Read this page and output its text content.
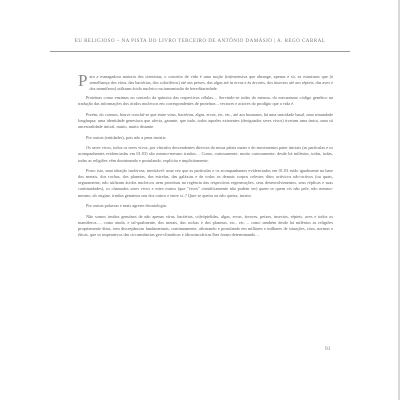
EU RELIGIOSO – NA PISTA DO LIVRO TERCEIRO DE ANTÓNIO DAMÁSIO | A. REGO CABRAL

Para a esmagadora maioria dos cientistas, o conceito de vida é uma noção (in)extensiva que abrange, apenas e só, as estruturas que (à semelhança dos vírus, das bactérias, dos coloríferos) até aos peixes, das algas até às ervas e às árvores, dos insectos até aos répteis, das aves e dos mamíferos) utilizam ácido nucleico na transmissão de hereditariedade.

Proteínas como enzimas no controlo da química das respectivas células… Servindo-se todas do mesmo, do mecanismo código genético na tradução das informações dos ácidos nucleicos em correspondentes de proteínas – vectores e actores do prodígio que a vida é.

Porém, do cosmos, houve concluí-se que entre vírus, bactérias, algas, ervas, etc. etc., até aos humanos, há uma unicidade basal, uma irmandade longínqua; uma identidade genesíaca que afecta, garante, que tudo, todos aqueles existentes (designados seres vivos) tiveram uma única, uma só ancestralidade inicial, muito, muito distante.

Por outras (entidades), pois não a pena insistir:

Os seres vivos, todos os seres vivos, por vínculos descendentes directos da nossa pátria mater e do movimentos pater iniciais (as partículas e os acompanhantes evidenciadas em 01.03) são mesmo-mesmo irmãos… Como, curiosamente, muito curiosamente, desde há milénios, todas, todas, todas as religiões vêm doutrinando e postulando, explícita e implicitamente.

Posto isto, uma ideação inoferosa, inevitável: uma vez que as partículas e os acompanhantes evidenciados em 01.03 estão igualmente na base dos metais, dos rochas, dos planetas, das estrelas, das galáxias e de todos os demais corpos celestes ditos actívicos não-activos (ou quais, seguramente, não utilizam ácidos nucleicos nem proteínas na regência das respectivas regenerações, seus desenvolvimentos, seus réplicas e suas continuidades), os chamados seres vivos e estes outros (que "vivos" cientificamente não podem ser) quem se quem vis não pele, não mesmo-mesmo, ab origine, irmãos genuínos uns dos outros e entre si..? Quer se queira ou não queira, insisto.

Por outras palavras e mais agreste deontologia:

Não somos irmãos genuínos de não apenas vírus, bactérias, coleóptelidas, algas, ervas, árvores, peixes, insectos, répteis, aves e todos os mamíferos…, como ainda, e tal-qualmente, dos metais, das rochas e dos planetas, etc., etc. – como também desde há milénios as religiões propriamente ditas, sem discrepâncias fundamentais, continuamente, afirmando e postulando em milhares e milhares de situações, ritos, normas e éticas, que os imperativos das circunstâncias geo-climáticas e idiossincráticas lhes foram determinando…

91
